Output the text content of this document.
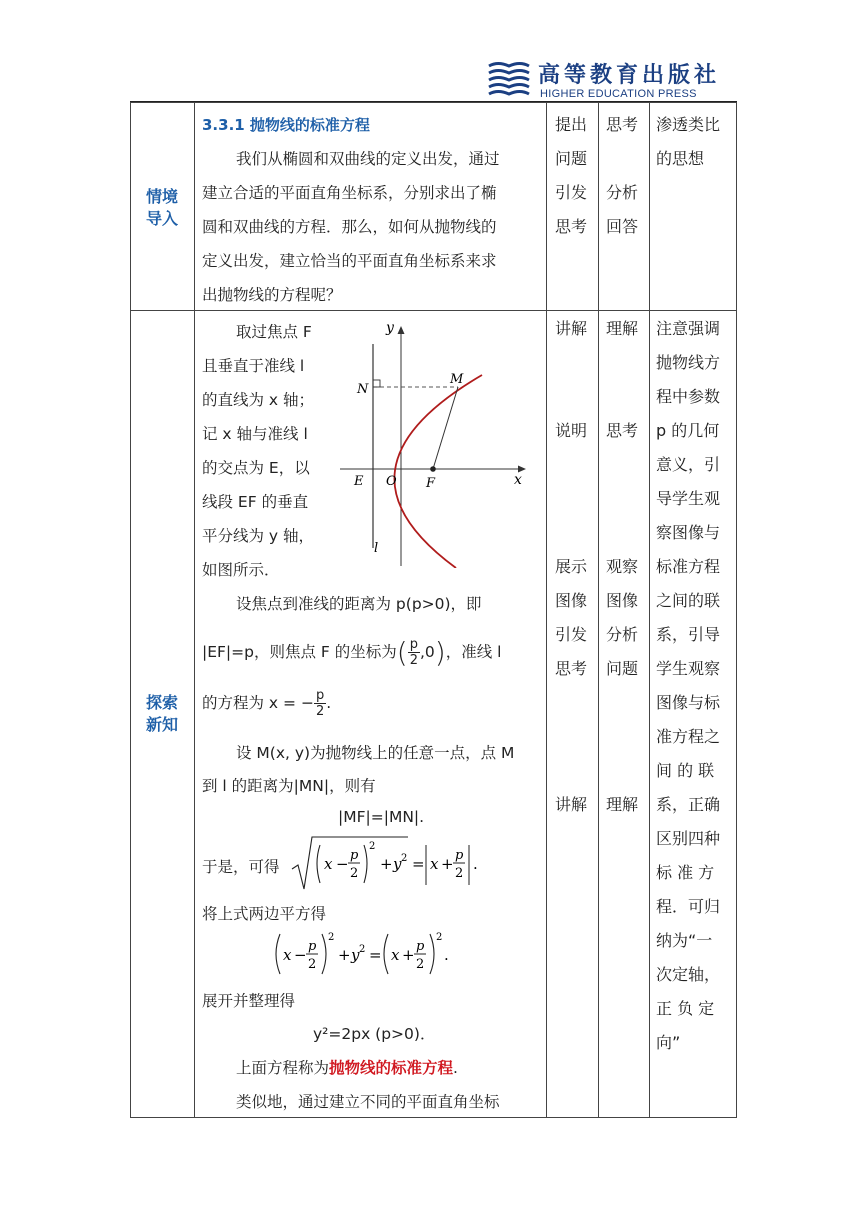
高等教育出版社
HIGHER EDUCATION PRESS
情境导入
3.3.1 抛物线的标准方程
我们从椭圆和双曲线的定义出发，通过
建立合适的平面直角坐标系，分别求出了椭
圆和双曲线的方程．那么，如何从抛物线的
定义出发，建立恰当的平面直角坐标系来求
出抛物线的方程呢？
提出
问题
引发
思考
思考

分析
回答
渗透类比
的思想
探索新知
取过焦点 F
且垂直于准线 l
的直线为 x 轴；
记 x 轴与准线 l
的交点为 E，以
线段 EF 的垂直
平分线为 y 轴，
如图所示．
y
x
N
M
E O F
l
设焦点到准线的距离为 p(p>0)，即
|EF|=p，则焦点 F 的坐标为( $\frac{p}{2} ,0$)，准线 l
的方程为 x = − $\frac{p}{2}$ .
设 M(x, y)为抛物线上的任意一点，点 M
到 l 的距离为|MN|，则有
|MF|=|MN|.
于是，可得	x − p
2
2
+ y 2 = x + p
2
.
将上式两边平方得
x − p
2
2
+ y 2 = x + p
2
2
.
展开并整理得
y²=2px (p>0)．
上面方程称为抛物线的标准方程.
类似地，通过建立不同的平面直角坐标
讲解
说明
展示
图像
引发
思考
讲解
理解
思考
观察
图像
分析
问题
理解
注意强调
抛物线方
程中参数
p 的几何
意义，引
导学生观
察图像与
标准方程
之间的联
系，引导
学生观察
图像与标
准方程之
间 的 联
系，正确
区别四种
标 准 方
程．可归
纳为“一
次定轴，
正 负 定
向”
